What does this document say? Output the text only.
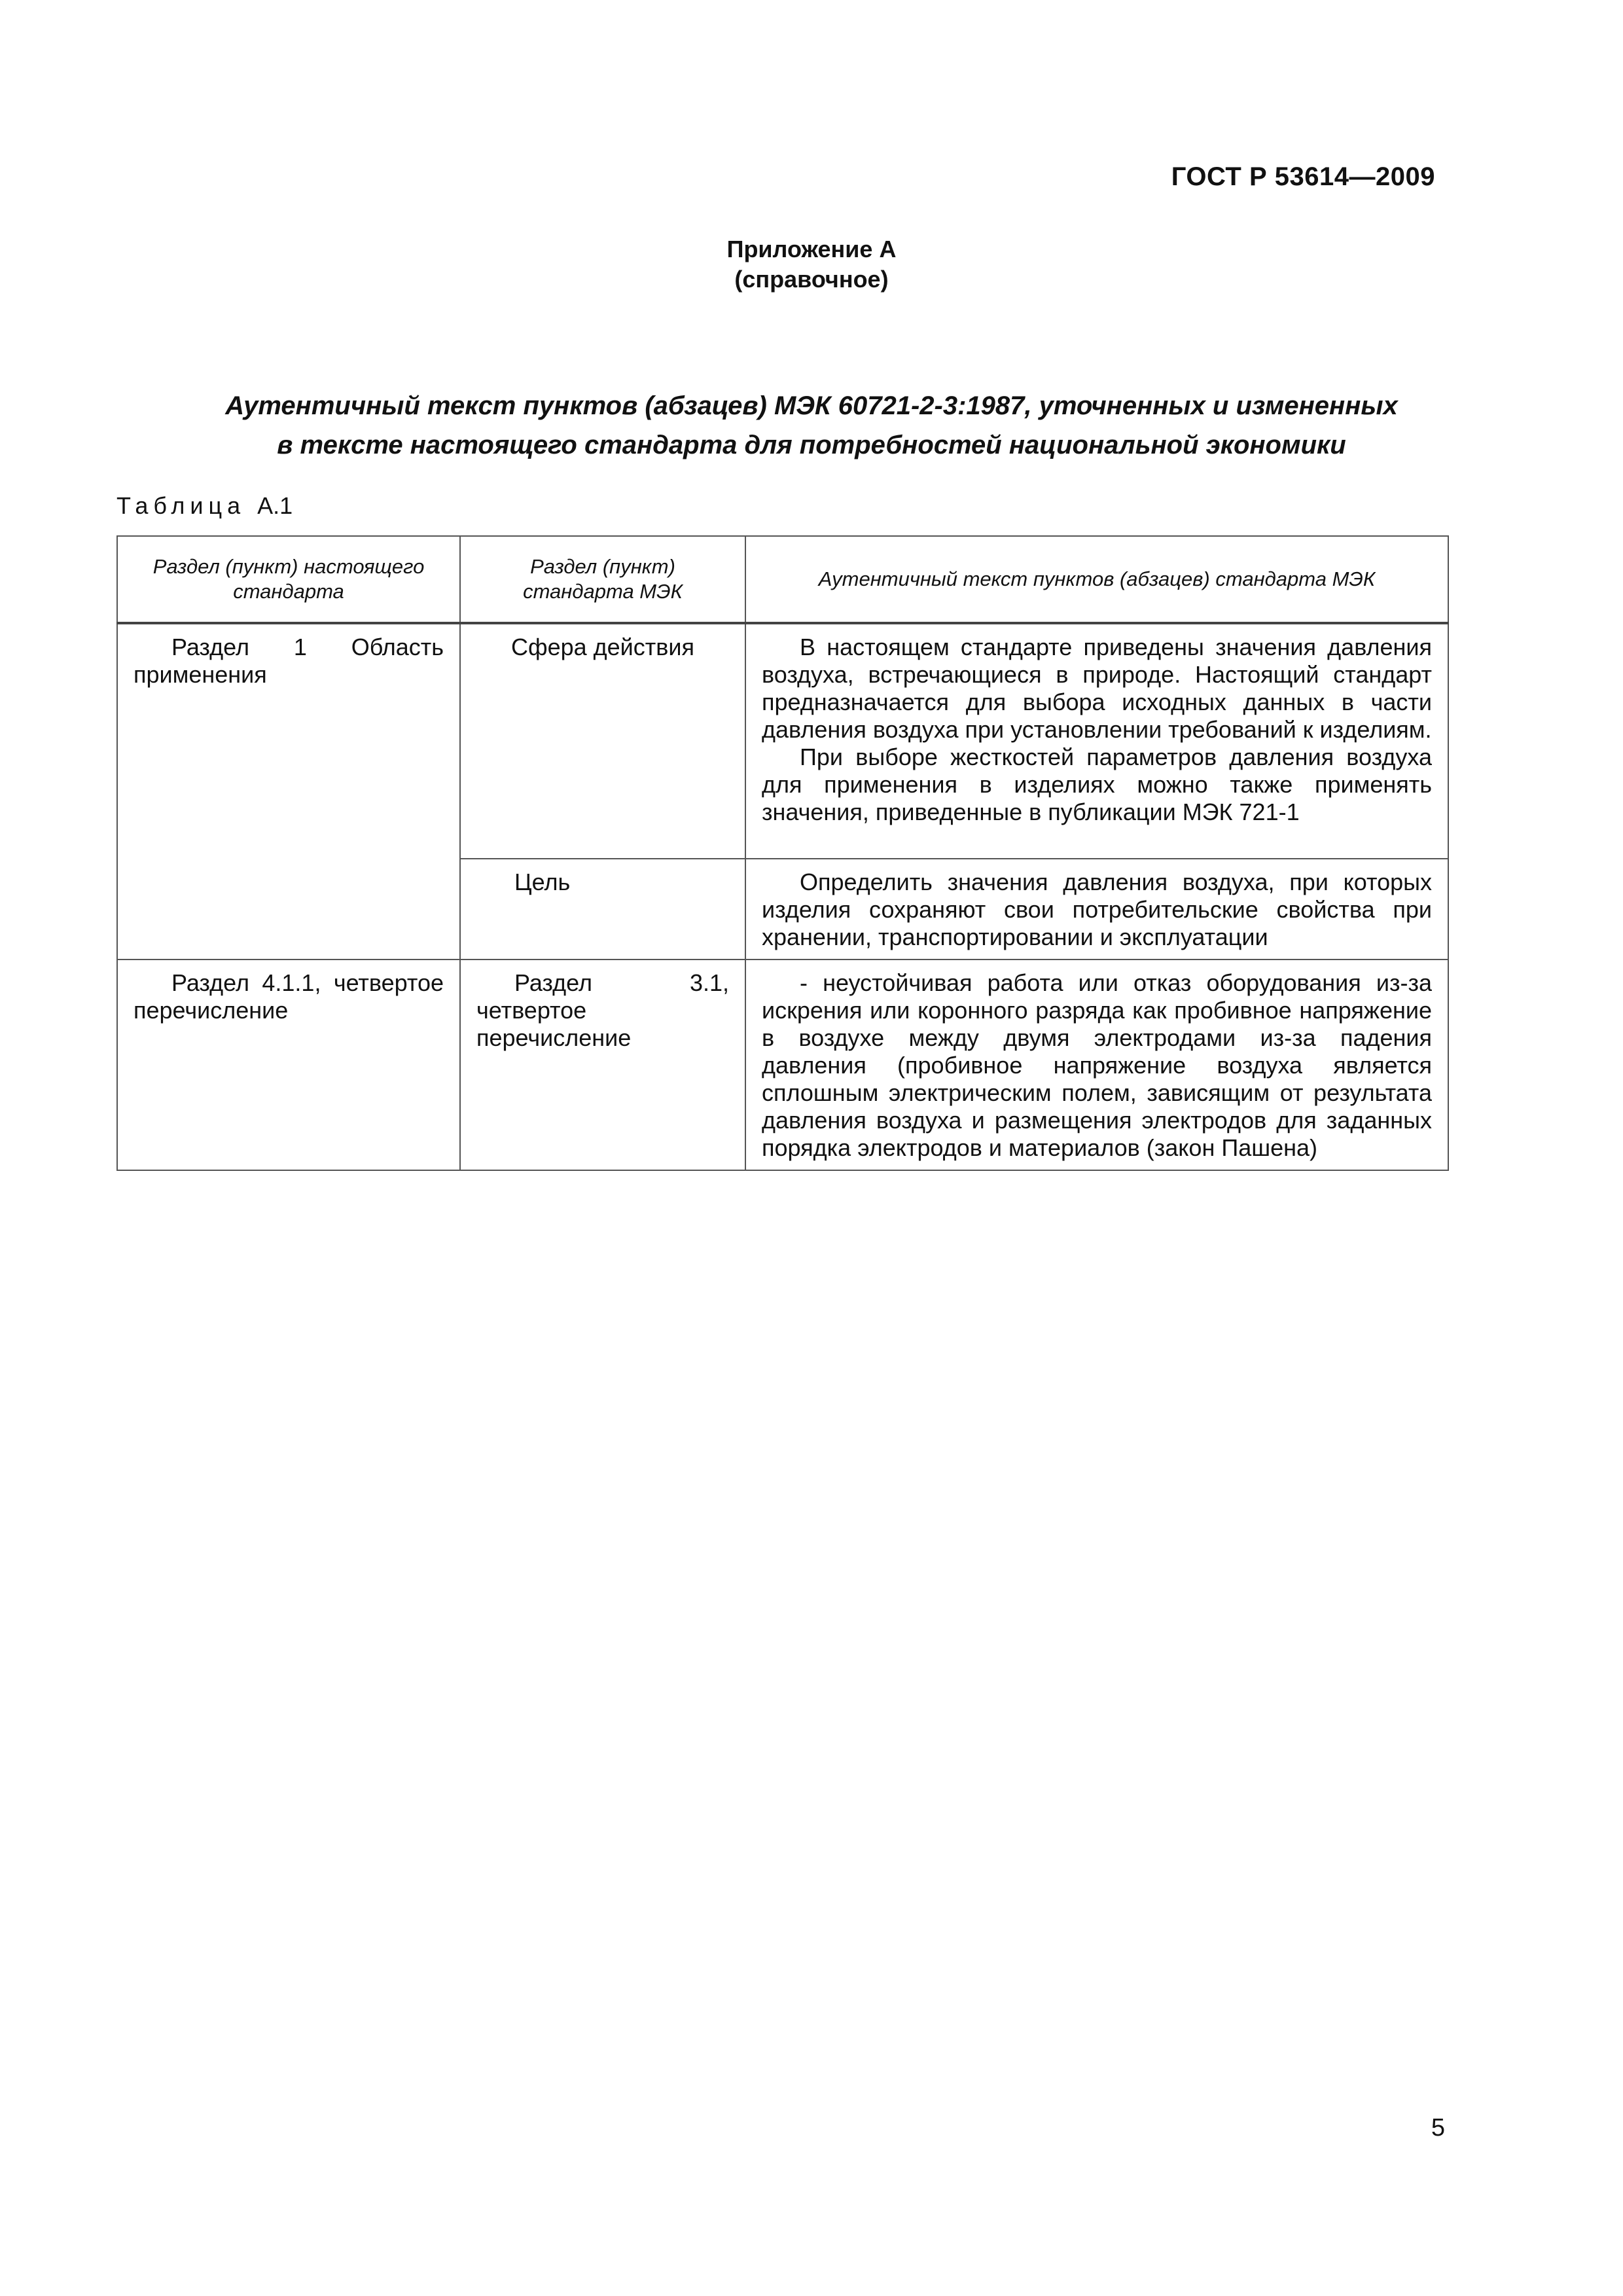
ГОСТ Р 53614—2009
Приложение А
(справочное)
Аутентичный текст пунктов (абзацев) МЭК 60721-2-3:1987, уточненных и измененных
в тексте настоящего стандарта для потребностей национальной экономики
Таблица А.1
Раздел (пункт) настоящего стандарта	Раздел (пункт) стандарта МЭК	Аутентичный текст пунктов (абзацев) стандарта МЭК
Раздел 1 Область применения	Сфера действия	В настоящем стандарте приведены значения давления воздуха, встречающиеся в природе. Настоящий стандарт предназначается для выбора исходных данных в части давления воздуха при установлении требований к изделиям.
При выборе жесткостей параметров давления воздуха для применения в изделиях можно также применять значения, приведенные в публикации МЭК 721-1

	Цель	Определить значения давления воздуха, при которых изделия сохраняют свои потребительские свойства при хранении, транспортировании и эксплуатации

Раздел 4.1.1, четвертое перечисление	Раздел 3.1, четвертое перечисление	- неустойчивая работа или отказ оборудования из-за искрения или коронного разряда как пробивное напряжение в воздухе между двумя электродами из-за падения давления (пробивное напряжение воздуха является сплошным электрическим полем, зависящим от результата давления воздуха и размещения электродов для заданных порядка электродов и материалов (закон Пашена)
5
